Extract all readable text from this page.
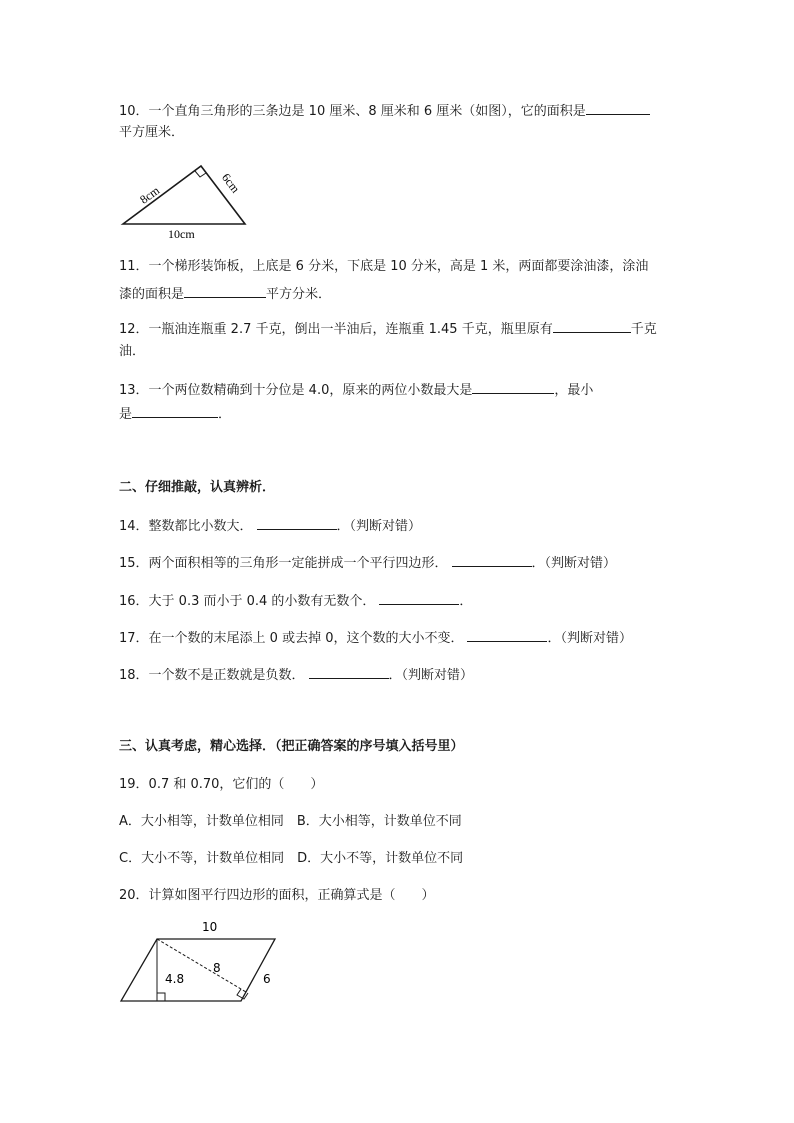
10．一个直角三角形的三条边是 10 厘米、8 厘米和 6 厘米（如图），它的面积是
平方厘米．
8cm	6cm
10cm
11．一个梯形装饰板，上底是 6 分米，下底是 10 分米，高是 1 米，两面都要涂油漆，涂油
漆的面积是	平方分米．
12．一瓶油连瓶重 2.7 千克，倒出一半油后，连瓶重 1.45 千克，瓶里原有	千克
油．
13．一个两位数精确到十分位是 4.0，原来的两位小数最大是	，最小
是	．
二、仔细推敲，认真辨析．
14．整数都比小数大．	．（判断对错）
15．两个面积相等的三角形一定能拼成一个平行四边形．	．（判断对错）
16．大于 0.3 而小于 0.4 的小数有无数个．	．
17．在一个数的末尾添上 0 或去掉 0，这个数的大小不变．	．（判断对错）
18．一个数不是正数就是负数．	．（判断对错）
三、认真考虑，精心选择．（把正确答案的序号填入括号里）
19．0.7 和 0.70，它们的（　　）
A．大小相等，计数单位相同　B．大小相等，计数单位不同
C．大小不等，计数单位相同　D．大小不等，计数单位不同
20．计算如图平行四边形的面积，正确算式是（　　）
10
4.8
8
6
